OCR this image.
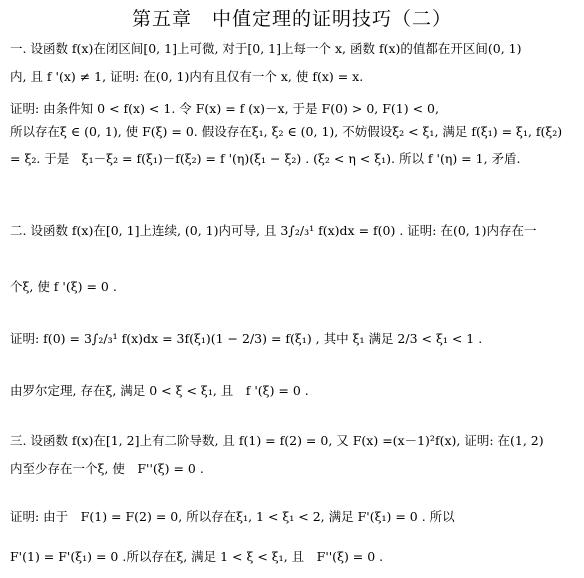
第五章　中值定理的证明技巧（二）
一. 设函数 f(x)在闭区间[0, 1]上可微, 对于[0, 1]上每一个 x, 函数 f(x)的值都在开区间(0, 1)
内, 且 f '(x) ≠ 1, 证明: 在(0, 1)内有且仅有一个 x, 使 f(x) = x.
证明: 由条件知 0 < f(x) < 1. 令 F(x) = f (x)－x, 于是 F(0) > 0, F(1) < 0,
所以存在ξ ∈ (0, 1), 使 F(ξ) = 0. 假设存在ξ₁, ξ₂ ∈ (0, 1), 不妨假设ξ₂ < ξ₁, 满足 f(ξ₁) = ξ₁, f(ξ₂)
= ξ₂. 于是　ξ₁－ξ₂ = f(ξ₁)－f(ξ₂) = f '(η)(ξ₁ − ξ₂) . (ξ₂ < η < ξ₁). 所以 f '(η) = 1, 矛盾.
二. 设函数 f(x)在[0, 1]上连续, (0, 1)内可导, 且 3∫₂/₃¹ f(x)dx = f(0) . 证明: 在(0, 1)内存在一
个ξ, 使 f '(ξ) = 0 .
证明: f(0) = 3∫₂/₃¹ f(x)dx = 3f(ξ₁)(1 − 2/3) = f(ξ₁) , 其中 ξ₁ 满足 2/3 < ξ₁ < 1 .
由罗尔定理, 存在ξ, 满足 0 < ξ < ξ₁, 且　f '(ξ) = 0 .
三. 设函数 f(x)在[1, 2]上有二阶导数, 且 f(1) = f(2) = 0, 又 F(x) =(x－1)²f(x), 证明: 在(1, 2)
内至少存在一个ξ, 使　F''(ξ) = 0 .
证明: 由于　F(1) = F(2) = 0, 所以存在ξ₁, 1 < ξ₁ < 2, 满足 F'(ξ₁) = 0 . 所以
F'(1) = F'(ξ₁) = 0 .所以存在ξ, 满足 1 < ξ < ξ₁, 且　F''(ξ) = 0 .
